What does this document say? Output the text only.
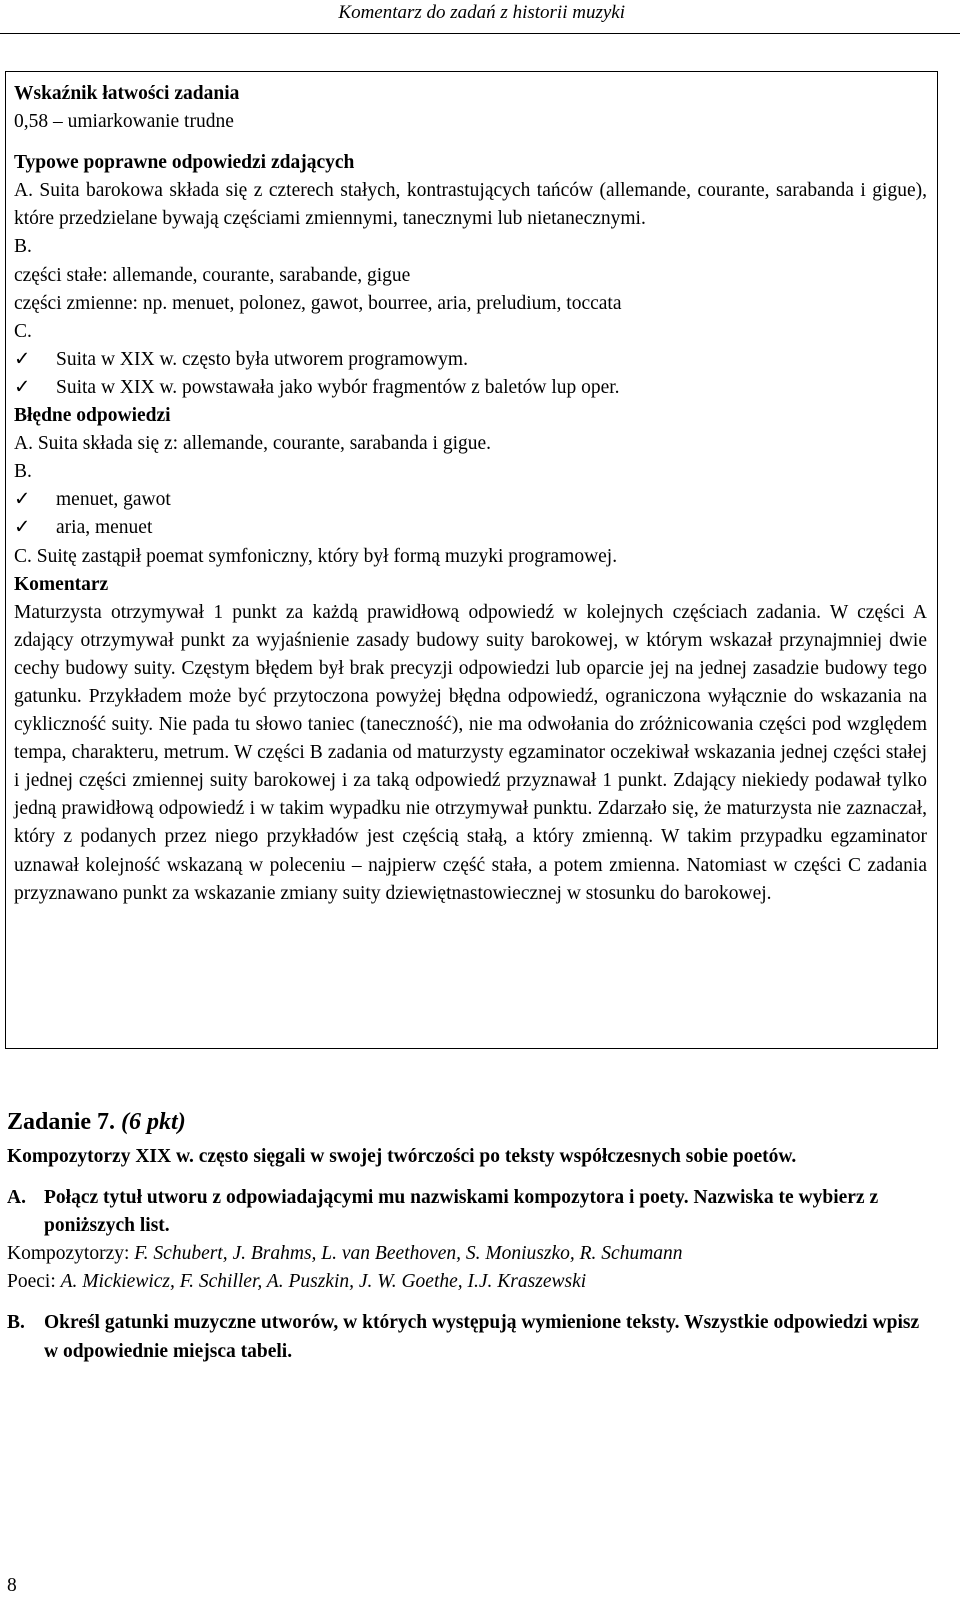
Komentarz do zadań z historii muzyki

Wskaźnik łatwości zadania

0,58 – umiarkowanie trudne

Typowe poprawne odpowiedzi zdających

A. Suita barokowa składa się z czterech stałych, kontrastujących tańców (allemande, courante, sarabanda i gigue), które przedzielane bywają częściami zmiennymi, tanecznymi lub nietanecznymi.

B.

części stałe: allemande, courante, sarabande, gigue

części zmienne: np. menuet, polonez, gawot, bourree, aria, preludium, toccata

C.

✓ Suita w XIX w. często była utworem programowym.

✓ Suita w XIX w. powstawała jako wybór fragmentów z baletów lup oper.

Błędne odpowiedzi

A. Suita składa się z: allemande, courante, sarabanda i gigue.

B.

✓ menuet, gawot

✓ aria, menuet

C. Suitę zastąpił poemat symfoniczny, który był formą muzyki programowej.

Komentarz

Maturzysta otrzymywał 1 punkt za każdą prawidłową odpowiedź w kolejnych częściach zadania. W części A zdający otrzymywał punkt za wyjaśnienie zasady budowy suity barokowej, w którym wskazał przynajmniej dwie cechy budowy suity. Częstym błędem był brak precyzji odpowiedzi lub oparcie jej na jednej zasadzie budowy tego gatunku. Przykładem może być przytoczona powyżej błędna odpowiedź, ograniczona wyłącznie do wskazania na cykliczność suity. Nie pada tu słowo taniec (taneczność), nie ma odwołania do zróżnicowania części pod względem tempa, charakteru, metrum. W części B zadania od maturzysty egzaminator oczekiwał wskazania jednej części stałej i jednej części zmiennej suity barokowej i za taką odpowiedź przyznawał 1 punkt. Zdający niekiedy podawał tylko jedną prawidłową odpowiedź i w takim wypadku nie otrzymywał punktu. Zdarzało się, że maturzysta nie zaznaczał, który z podanych przez niego przykładów jest częścią stałą, a który zmienną. W takim przypadku egzaminator uznawał kolejność wskazaną w poleceniu – najpierw część stała, a potem zmienna. Natomiast w części C zadania przyznawano punkt za wskazanie zmiany suity dziewiętnastowiecznej w stosunku do barokowej.

Zadanie 7. (6 pkt)

Kompozytorzy XIX w. często sięgali w swojej twórczości po teksty współczesnych sobie poetów.

A. Połącz tytuł utworu z odpowiadającymi mu nazwiskami kompozytora i poety. Nazwiska te wybierz z poniższych list.

Kompozytorzy: F. Schubert, J. Brahms, L. van Beethoven, S. Moniuszko, R. Schumann

Poeci: A. Mickiewicz, F. Schiller, A. Puszkin, J. W. Goethe, I.J. Kraszewski

B. Określ gatunki muzyczne utworów, w których występują wymienione teksty. Wszystkie odpowiedzi wpisz w odpowiednie miejsca tabeli.

8
